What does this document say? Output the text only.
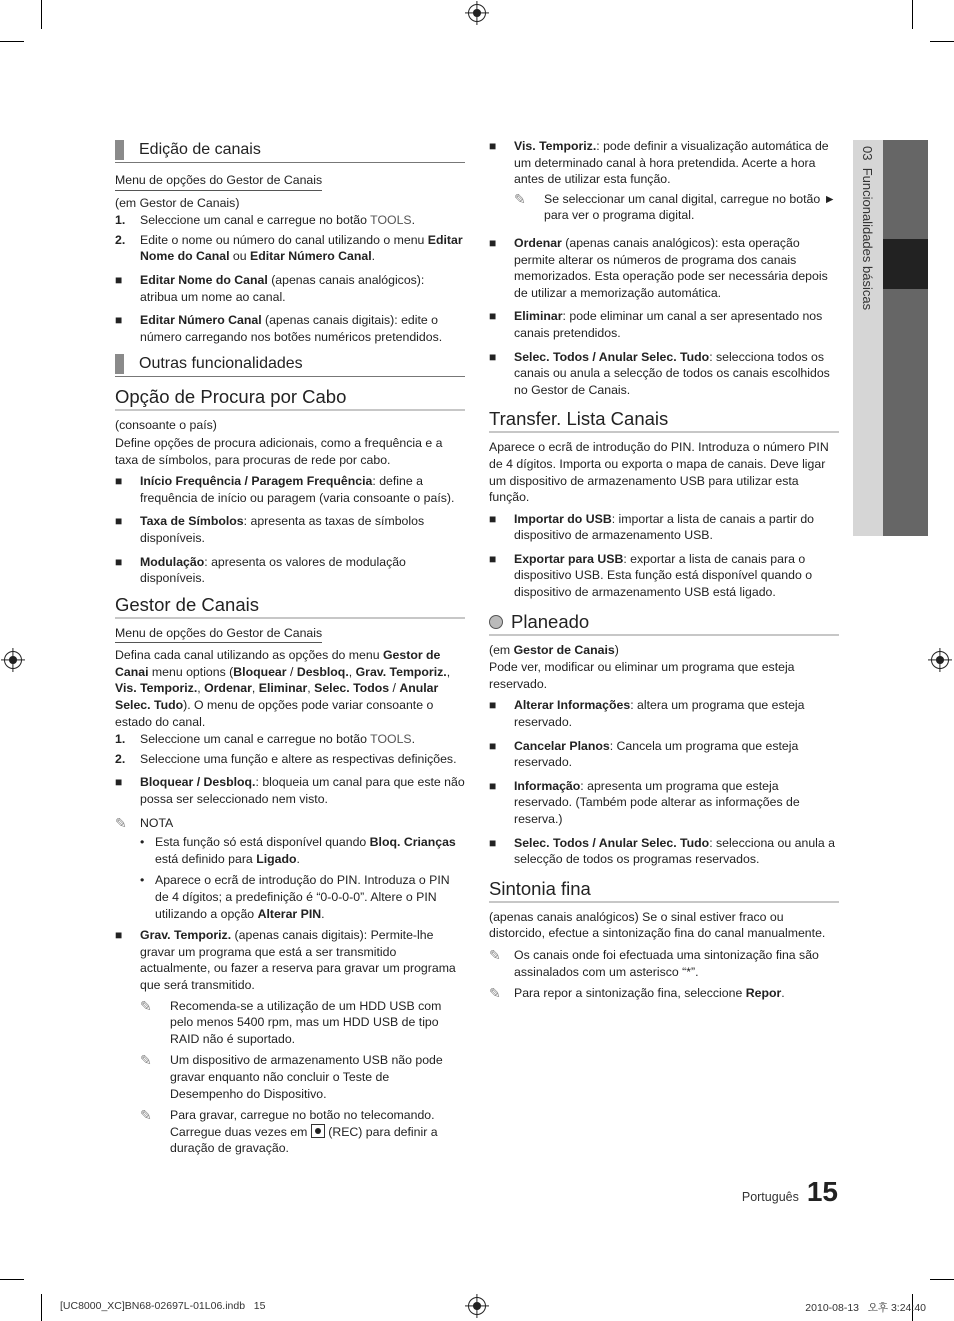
03  Funcionalidades básicas
Edição de canais
Menu de opções do Gestor de Canais
(em Gestor de Canais)
1.	Seleccione um canal e carregue no botão TOOLS.
2.	Edite o nome ou número do canal utilizando o menu Editar Nome do Canal ou Editar Número Canal.
■	Editar Nome do Canal (apenas canais analógicos): atribua um nome ao canal.
■	Editar Número Canal (apenas canais digitais): edite o número carregando nos botões numéricos pretendidos.
Outras funcionalidades
Opção de Procura por Cabo
(consoante o país)
Define opções de procura adicionais, como a frequência e a taxa de símbolos, para procuras de rede por cabo.
■	Início Frequência / Paragem Frequência: define a frequência de início ou paragem (varia consoante o país).
■	Taxa de Símbolos: apresenta as taxas de símbolos disponíveis.
■	Modulação: apresenta os valores de modulação disponíveis.
Gestor de Canais
Menu de opções do Gestor de Canais
Defina cada canal utilizando as opções do menu Gestor de Canai menu options (Bloquear / Desbloq., Grav. Temporiz., Vis. Temporiz., Ordenar, Eliminar, Selec. Todos / Anular Selec. Tudo). O menu de opções pode variar consoante o estado do canal.
1.	Seleccione um canal e carregue no botão TOOLS.
2.	Seleccione uma função e altere as respectivas definições.
■	Bloquear / Desbloq.: bloqueia um canal para que este não possa ser seleccionado nem visto.
✎	NOTA
• Esta função só está disponível quando Bloq. Crianças está definido para Ligado.
• Aparece o ecrã de introdução do PIN. Introduza o PIN de 4 dígitos; a predefinição é “0-0-0-0”. Altere o PIN utilizando a opção Alterar PIN.
■	Grav. Temporiz. (apenas canais digitais): Permite-lhe gravar um programa que está a ser transmitido actualmente, ou fazer a reserva para gravar um programa que será transmitido.
✎	Recomenda-se a utilização de um HDD USB com pelo menos 5400 rpm, mas um HDD USB de tipo RAID não é suportado.
✎	Um dispositivo de armazenamento USB não pode gravar enquanto não concluir o Teste de Desempenho do Dispositivo.
✎	Para gravar, carregue no botão no telecomando. Carregue duas vezes em
(REC) para definir a duração de gravação.
■	Vis. Temporiz.: pode definir a visualização automática de um determinado canal à hora pretendida. Acerte a hora antes de utilizar esta função.
✎	Se seleccionar um canal digital, carregue no botão ► para ver o programa digital.
■	Ordenar (apenas canais analógicos): esta operação permite alterar os números de programa dos canais memorizados. Esta operação pode ser necessária depois de utilizar a memorização automática.
■	Eliminar: pode eliminar um canal a ser apresentado nos canais pretendidos.
■	Selec. Todos / Anular Selec. Tudo: selecciona todos os canais ou anula a selecção de todos os canais escolhidos no Gestor de Canais.
Transfer. Lista Canais
Aparece o ecrã de introdução do PIN. Introduza o número PIN de 4 dígitos. Importa ou exporta o mapa de canais. Deve ligar um dispositivo de armazenamento USB para utilizar esta função.
■	Importar do USB: importar a lista de canais a partir do dispositivo de armazenamento USB.
■	Exportar para USB: exportar a lista de canais para o dispositivo USB. Esta função está disponível quando o dispositivo de armazenamento USB está ligado.
Planeado
(em Gestor de Canais)
Pode ver, modificar ou eliminar um programa que esteja reservado.
■	Alterar Informações: altera um programa que esteja reservado.
■	Cancelar Planos: Cancela um programa que esteja reservado.
■	Informação: apresenta um programa que esteja reservado. (Também pode alterar as informações de reserva.)
■	Selec. Todos / Anular Selec. Tudo: selecciona ou anula a selecção de todos os programas reservados.
Sintonia fina
(apenas canais analógicos) Se o sinal estiver fraco ou distorcido, efectue a sintonização fina do canal manualmente.
✎	Os canais onde foi efectuada uma sintonização fina são assinalados com um asterisco “*”.
✎	Para repor a sintonização fina, seleccione Repor.
Português 15
[UC8000_XC]BN68-02697L-01L06.indb   15	2010-08-13   오후 3:24:40
